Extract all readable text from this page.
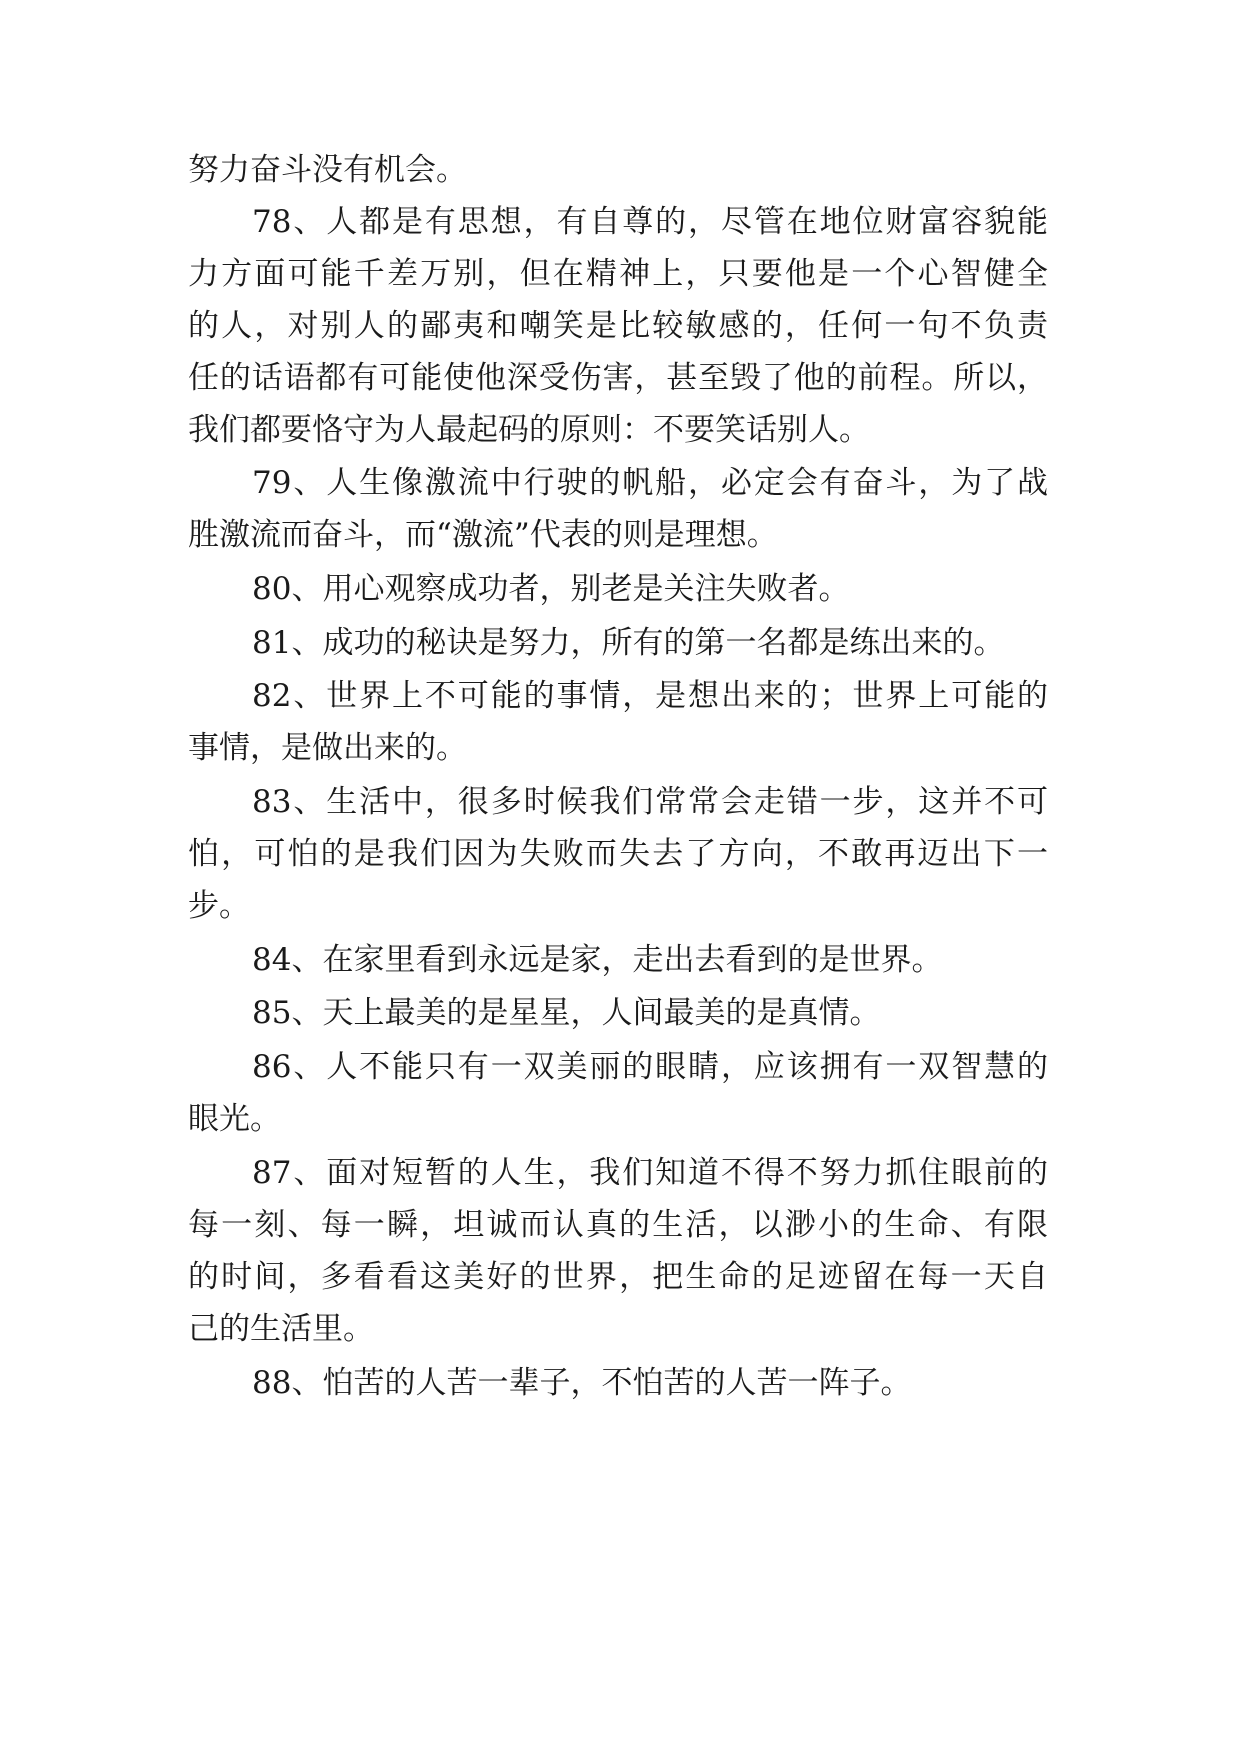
努力奋斗没有机会。
78、人都是有思想，有自尊的，尽管在地位财富容貌能
力方面可能千差万别，但在精神上，只要他是一个心智健全
的人，对别人的鄙夷和嘲笑是比较敏感的，任何一句不负责
任的话语都有可能使他深受伤害，甚至毁了他的前程。所以，
我们都要恪守为人最起码的原则：不要笑话别人。
79、人生像激流中行驶的帆船，必定会有奋斗，为了战
胜激流而奋斗，而“激流”代表的则是理想。
80、用心观察成功者，别老是关注失败者。
81、成功的秘诀是努力，所有的第一名都是练出来的。
82、世界上不可能的事情，是想出来的；世界上可能的
事情，是做出来的。
83、生活中，很多时候我们常常会走错一步，这并不可
怕，可怕的是我们因为失败而失去了方向，不敢再迈出下一
步。
84、在家里看到永远是家，走出去看到的是世界。
85、天上最美的是星星，人间最美的是真情。
86、人不能只有一双美丽的眼睛，应该拥有一双智慧的
眼光。
87、面对短暂的人生，我们知道不得不努力抓住眼前的
每一刻、每一瞬，坦诚而认真的生活，以渺小的生命、有限
的时间，多看看这美好的世界，把生命的足迹留在每一天自
己的生活里。
88、怕苦的人苦一辈子，不怕苦的人苦一阵子。
